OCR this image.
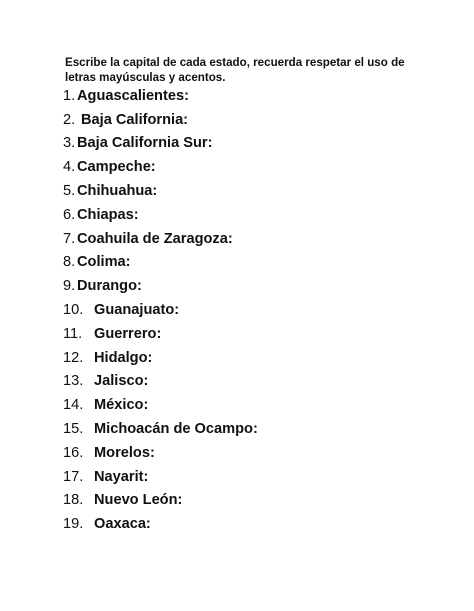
Escribe la capital de cada estado, recuerda respetar el uso de letras mayúsculas y acentos.
1. Aguascalientes:
2. Baja California:
3. Baja California Sur:
4. Campeche:
5. Chihuahua:
6. Chiapas:
7. Coahuila de Zaragoza:
8. Colima:
9. Durango:
10. Guanajuato:
11. Guerrero:
12. Hidalgo:
13. Jalisco:
14. México:
15. Michoacán de Ocampo:
16. Morelos:
17. Nayarit:
18. Nuevo León:
19. Oaxaca:
